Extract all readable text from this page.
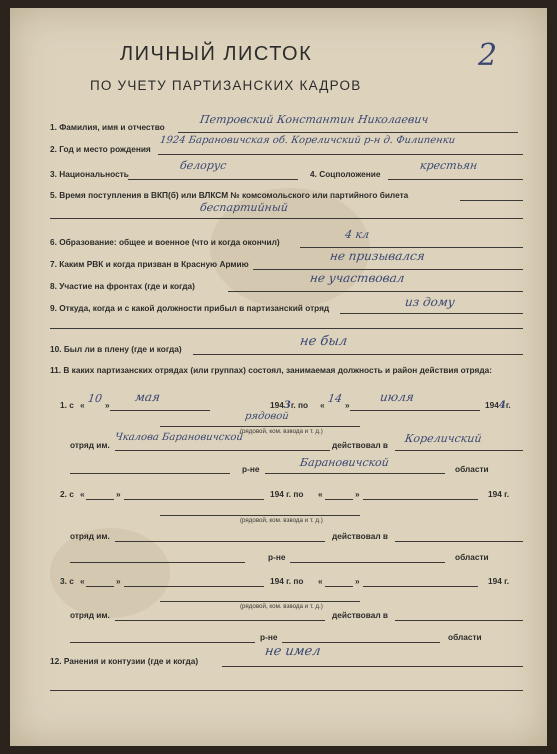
ЛИЧНЫЙ ЛИСТОК
ПО УЧЕТУ ПАРТИЗАНСКИХ КАДРОВ
2
1. Фамилия, имя и отчество
Петровский Константин Николаевич
2. Год и место рождения
1924 Барановичская об. Кореличский р-н д. Филипенки
3. Национальность
белорус
4. Соцположение
крестьян
5. Время поступления в ВКП(б) или ВЛКСМ № комсомольского или партийного билета
беспартийный
6. Образование: общее и военное (что и когда окончил)
4 кл
7. Каким РВК и когда призван в Красную Армию
не призывался
8. Участие на фронтах (где и когда)
не участвовал
9. Откуда, когда и с какой должности прибыл в партизанский отряд	из дому
10. Был ли в плену (где и когда)	не был
11. В каких партизанских отрядах (или группах) состоял, занимаемая должность и район действия отряда:
1. с « 10 »
мая
1943г. по « 14 »
июля
1944г.
рядовой
(рядовой, ком. взвода и т. д.)
отряд им.
Чкалова Барановичской
действовал в Кореличский
р-не	Барановичской	области
2. с «	»	194 г. по «	»	194 г.
(рядовой, ком. взвода и т. д.)
отряд им.	действовал в
р-не	области
3. с «	»	194 г. по «	»	194 г.
(рядовой, ком. взвода и т. д.)
отряд им.	действовал в
р-не	области
12. Ранения и контузии (где и когда)
не имел
